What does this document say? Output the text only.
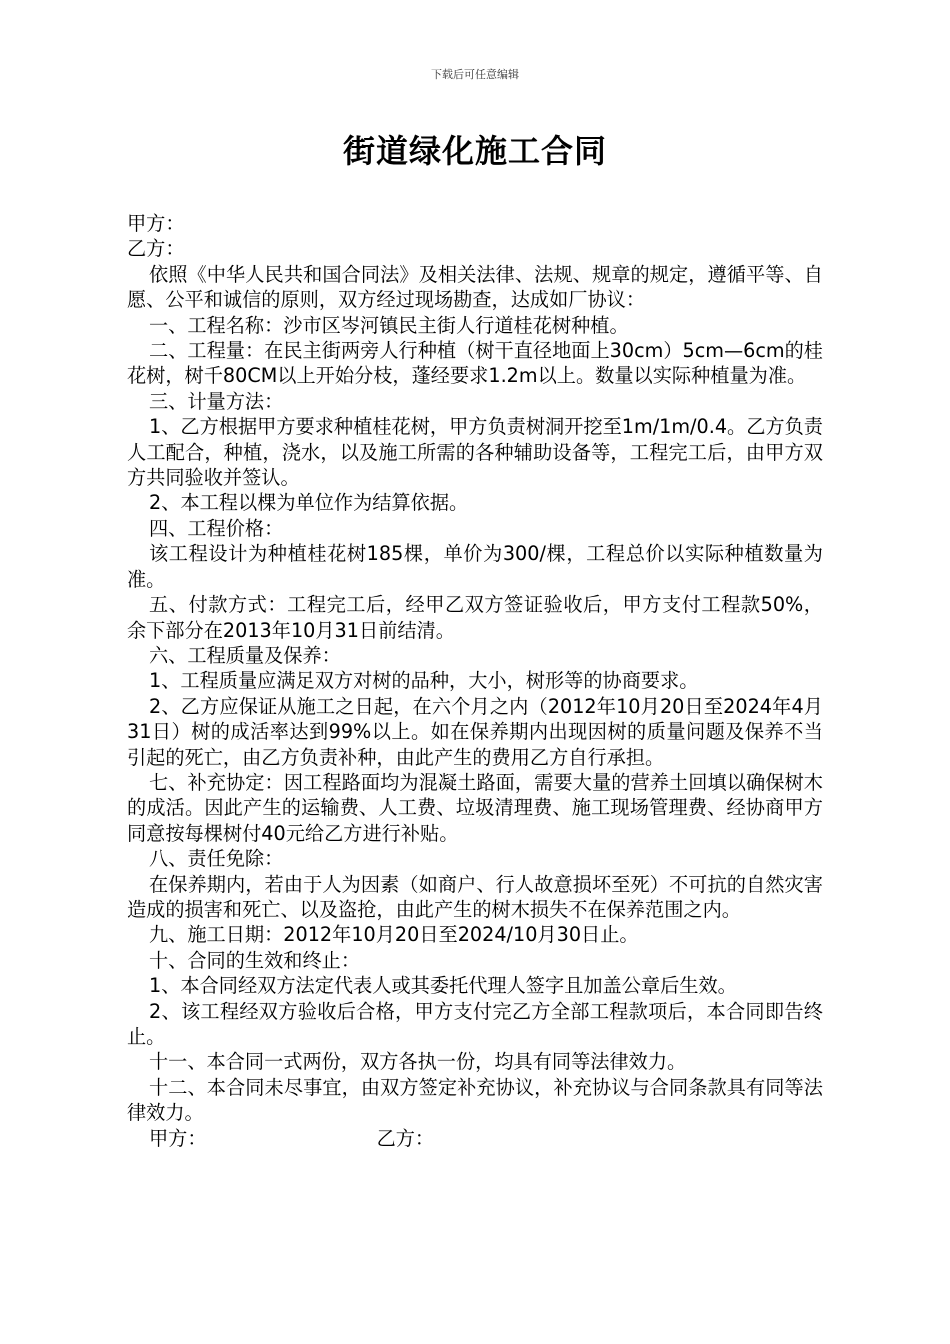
下载后可任意编辑
街道绿化施工合同

甲方：

乙方：

依照《中华人民共和国合同法》及相关法律、法规、规章的规定，遵循平等、自愿、公平和诚信的原则，双方经过现场勘查，达成如厂协议：

一、工程名称：沙市区岑河镇民主街人行道桂花树种植。

二、工程量：在民主街两旁人行种植（树干直径地面上30cm）5cm—6cm的桂花树，树千80CM以上开始分枝，蓬经要求1.2m以上。数量以实际种植量为准。

三、计量方法：

1、乙方根据甲方要求种植桂花树，甲方负责树洞开挖至1m/1m/0.4。乙方负责人工配合，种植，浇水，以及施工所需的各种辅助设备等，工程完工后，由甲方双方共同验收并签认。

2、本工程以棵为单位作为结算依据。

四、工程价格：

该工程设计为种植桂花树185棵，单价为300/棵，工程总价以实际种植数量为准。

五、付款方式：工程完工后，经甲乙双方签证验收后，甲方支付工程款50%，余下部分在2013年10月31日前结清。

六、工程质量及保养：

1、工程质量应满足双方对树的品种，大小，树形等的协商要求。

2、乙方应保证从施工之日起，在六个月之内（2012年10月20日至2024年4月31日）树的成活率达到99%以上。如在保养期内出现因树的质量问题及保养不当引起的死亡，由乙方负责补种，由此产生的费用乙方自行承担。

七、补充协定：因工程路面均为混凝土路面，需要大量的营养土回填以确保树木的成活。因此产生的运输费、人工费、垃圾清理费、施工现场管理费、经协商甲方同意按每棵树付40元给乙方进行补贴。

八、责任免除：

在保养期内，若由于人为因素（如商户、行人故意损坏至死）不可抗的自然灾害造成的损害和死亡、以及盗抢，由此产生的树木损失不在保养范围之内。

九、施工日期：2012年10月20日至2024/10月30日止。

十、合同的生效和终止：

1、本合同经双方法定代表人或其委托代理人签字且加盖公章后生效。

2、该工程经双方验收后合格，甲方支付完乙方全部工程款项后，本合同即告终止。

十一、本合同一式两份，双方各执一份，均具有同等法律效力。

十二、本合同未尽事宜，由双方签定补充协议，补充协议与合同条款具有同等法律效力。

甲方：	乙方：
